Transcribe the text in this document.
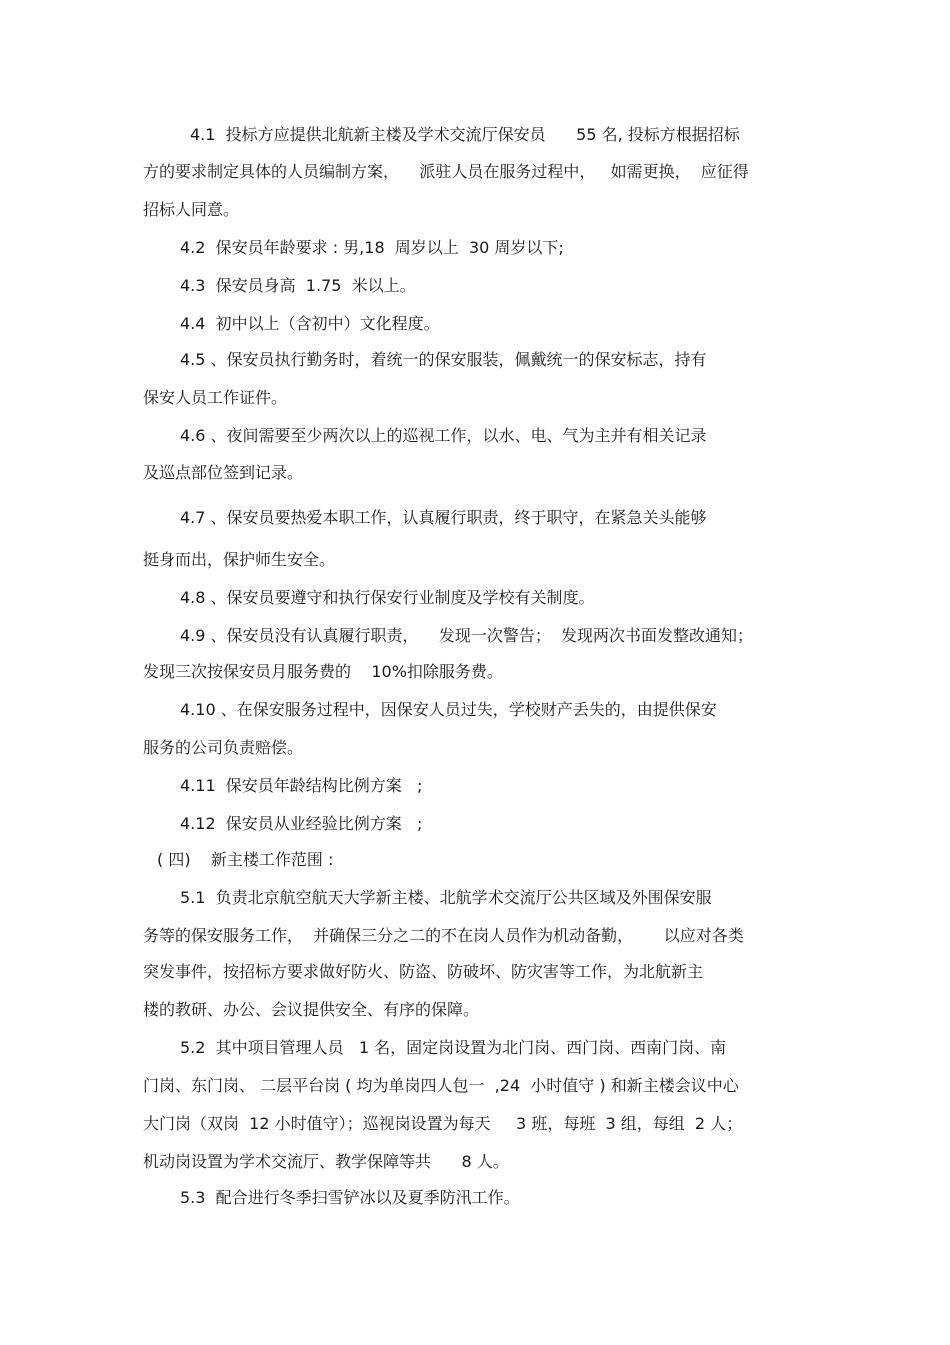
4.1  投标方应提供北航新主楼及学术交流厅保安员      55 名, 投标方根据招标
方的要求制定具体的人员编制方案，    派驻人员在服务过程中，   如需更换，  应征得
招标人同意。
4.2  保安员年龄要求 : 男,18  周岁以上  30 周岁以下;
4.3  保安员身高  1.75  米以上。
4.4  初中以上（含初中）文化程度。
4.5 、保安员执行勤务时，着统一的保安服装，佩戴统一的保安标志，持有
保安人员工作证件。
4.6 、夜间需要至少两次以上的巡视工作，以水、电、气为主并有相关记录
及巡点部位签到记录。
4.7 、保安员要热爱本职工作，认真履行职责，终于职守，在紧急关头能够
挺身而出，保护师生安全。
4.8 、保安员要遵守和执行保安行业制度及学校有关制度。
4.9 、保安员没有认真履行职责，    发现一次警告；  发现两次书面发整改通知；
发现三次按保安员月服务费的    10%扣除服务费。
4.10 、在保安服务过程中，因保安人员过失，学校财产丢失的，由提供保安
服务的公司负责赔偿。
4.11  保安员年龄结构比例方案   ;
4.12  保安员从业经验比例方案   ;
( 四)    新主楼工作范围 :
5.1  负责北京航空航天大学新主楼、北航学术交流厅公共区域及外围保安服
务等的保安服务工作，  并确保三分之二的不在岗人员作为机动备勤，      以应对各类
突发事件，按招标方要求做好防火、防盗、防破坏、防灾害等工作，为北航新主
楼的教研、办公、会议提供安全、有序的保障。
5.2  其中项目管理人员   1 名，固定岗设置为北门岗、西门岗、西南门岗、南
门岗、东门岗、 二层平台岗 ( 均为单岗四人包一  ,24  小时值守 ) 和新主楼会议中心
大门岗（双岗  12 小时值守）；巡视岗设置为每天     3 班，每班  3 组，每组  2 人；
机动岗设置为学术交流厅、教学保障等共      8 人。
5.3  配合进行冬季扫雪铲冰以及夏季防汛工作。
